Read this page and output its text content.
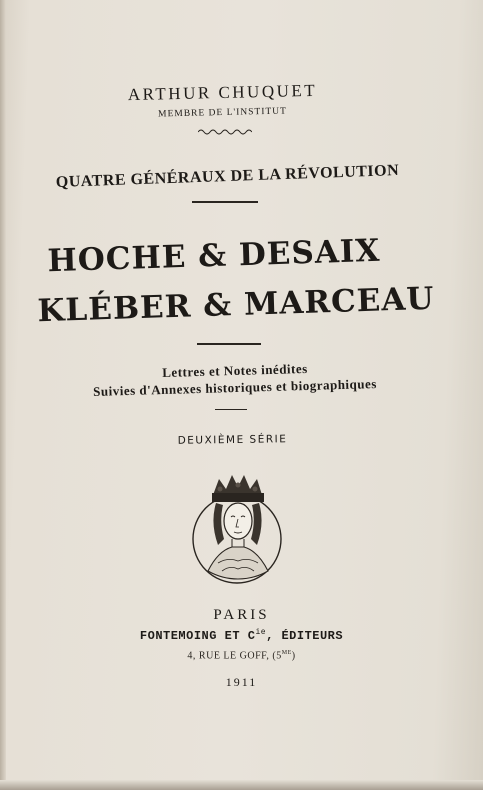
ARTHUR CHUQUET
MEMBRE DE L'INSTITUT
QUATRE GÉNÉRAUX DE LA RÉVOLUTION
HOCHE & DESAIX
KLÉBER & MARCEAU
Lettres et Notes inédites
Suivies d'Annexes historiques et biographiques
DEUXIÈME SÉRIE
PARIS
FONTEMOING ET $C^{ie}$, ÉDITEURS
4, RUE LE GOFF, $(5^{me})$
1911
